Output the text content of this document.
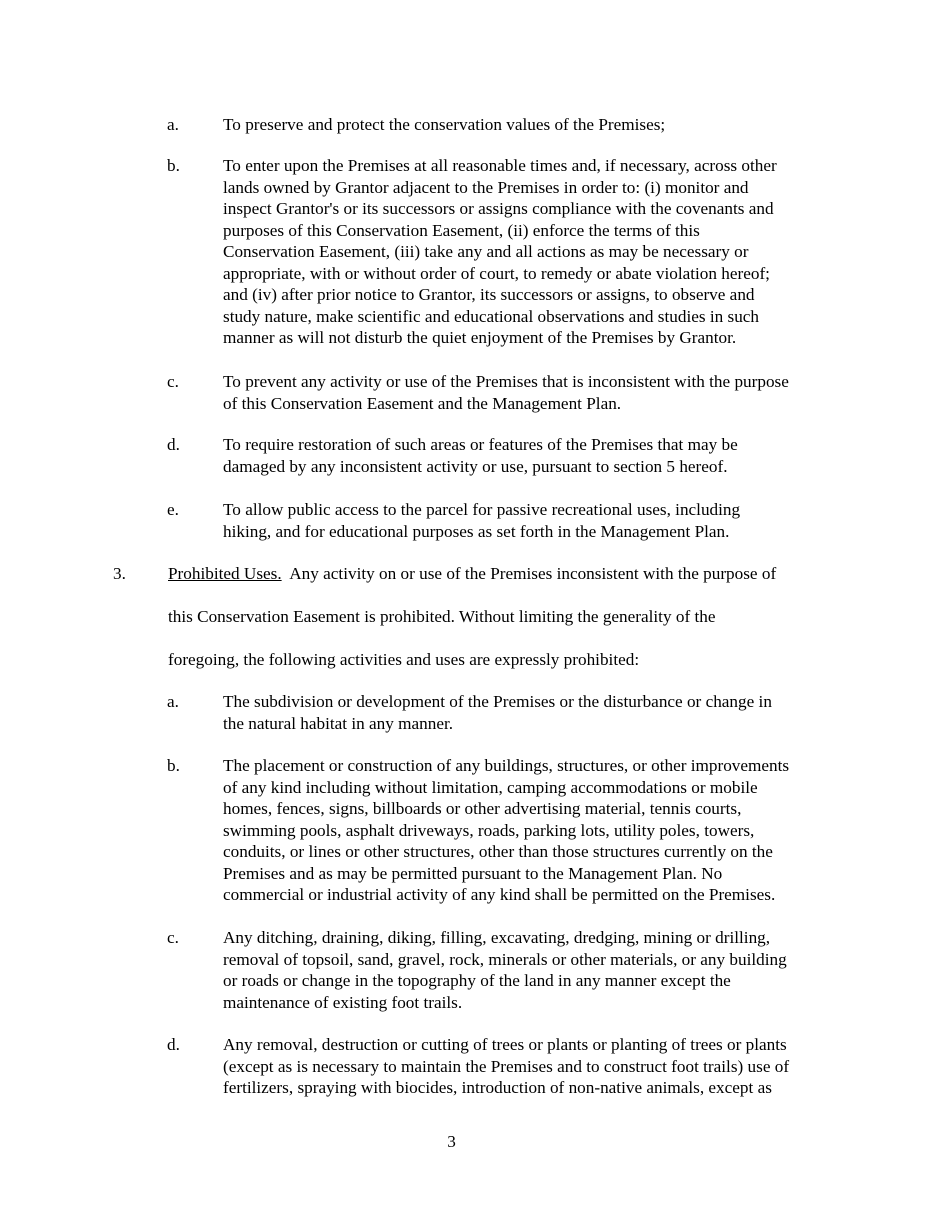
a.	To preserve and protect the conservation values of the Premises;
b.	To enter upon the Premises at all reasonable times and, if necessary, across other
lands owned by Grantor adjacent to the Premises in order to: (i) monitor and
inspect Grantor's or its successors or assigns compliance with the covenants and
purposes of this Conservation Easement, (ii) enforce the terms of this
Conservation Easement, (iii) take any and all actions as may be necessary or
appropriate, with or without order of court, to remedy or abate violation hereof;
and (iv) after prior notice to Grantor, its successors or assigns, to observe and
study nature, make scientific and educational observations and studies in such
manner as will not disturb the quiet enjoyment of the Premises by Grantor.
c.	To prevent any activity or use of the Premises that is inconsistent with the purpose
of this Conservation Easement and the Management Plan.
d.	To require restoration of such areas or features of the Premises that may be
damaged by any inconsistent activity or use, pursuant to section 5 hereof.
e.	To allow public access to the parcel for passive recreational uses, including
hiking, and for educational purposes as set forth in the Management Plan.
3. Prohibited Uses.  Any activity on or use of the Premises inconsistent with the purpose of
this Conservation Easement is prohibited. Without limiting the generality of the
foregoing, the following activities and uses are expressly prohibited:
a.	The subdivision or development of the Premises or the disturbance or change in
the natural habitat in any manner.
b.	The placement or construction of any buildings, structures, or other improvements
of any kind including without limitation, camping accommodations or mobile
homes, fences, signs, billboards or other advertising material, tennis courts,
swimming pools, asphalt driveways, roads, parking lots, utility poles, towers,
conduits, or lines or other structures, other than those structures currently on the
Premises and as may be permitted pursuant to the Management Plan. No
commercial or industrial activity of any kind shall be permitted on the Premises.
c.	Any ditching, draining, diking, filling, excavating, dredging, mining or drilling,
removal of topsoil, sand, gravel, rock, minerals or other materials, or any building
or roads or change in the topography of the land in any manner except the
maintenance of existing foot trails.
d.	Any removal, destruction or cutting of trees or plants or planting of trees or plants
(except as is necessary to maintain the Premises and to construct foot trails) use of
fertilizers, spraying with biocides, introduction of non-native animals, except as
3
